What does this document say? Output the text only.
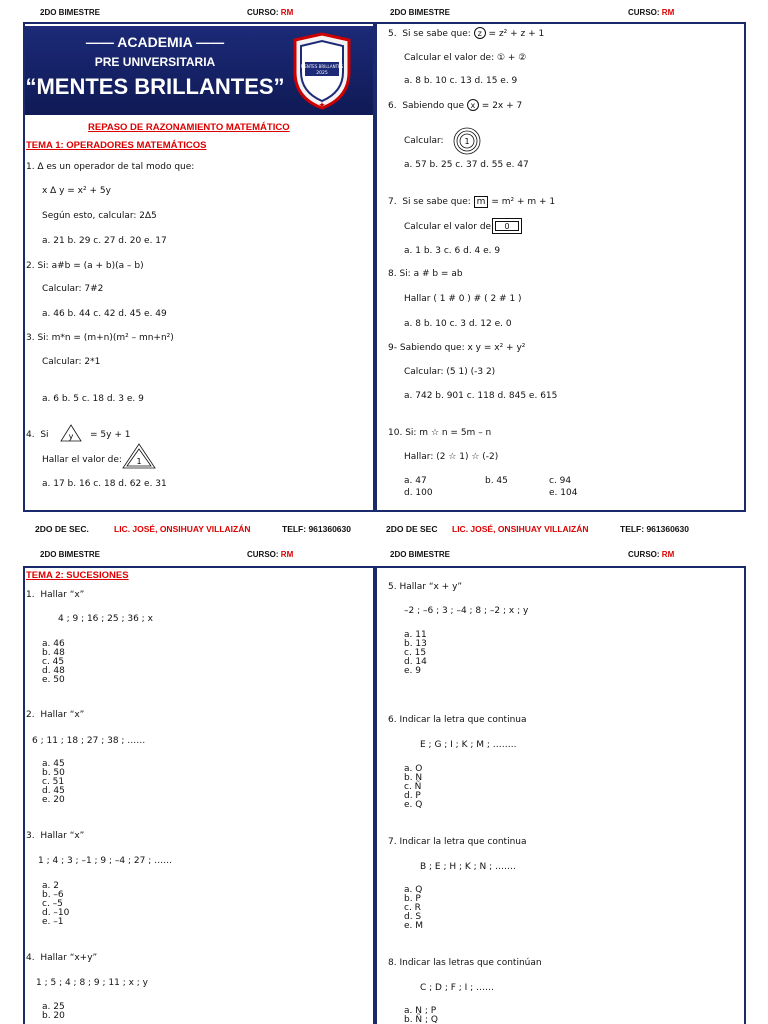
2DO BIMESTRE	CURSO: RM	2DO BIMESTRE	CURSO: RM
—— ACADEMIA ——
PRE UNIVERSITARIA
“MENTES BRILLANTES”
MENTES BRILLANTES
2025
REPASO DE RAZONAMIENTO MATEMÁTICO
TEMA 1: OPERADORES MATEMÁTICOS
1. ∆ es un operador de tal modo que:
x ∆ y = x² + 5y
Según esto, calcular: 2∆5
a. 21 b. 29 c. 27 d. 20 e. 17
2. Si: a#b = (a + b)(a – b)
Calcular: 7#2
a. 46 b. 44 c. 42 d. 45 e. 49
3. Si: m*n = (m+n)(m² – mn+n²)
Calcular: 2*1
a. 6 b. 5 c. 18 d. 3 e. 9
4. Si	y = 5y + 1
Hallar el valor de: 1
a. 17 b. 16 c. 18 d. 62 e. 31
5. Si se sabe que: z = z² + z + 1
Calcular el valor de: ① + ②
a. 8 b. 10 c. 13 d. 15 e. 9
6. Sabiendo que x = 2x + 7
Calcular:	1
a. 57 b. 25 c. 37 d. 55 e. 47
7. Si se sabe que: m = m² + m + 1
Calcular el valor de:	0
a. 1 b. 3 c. 6 d. 4 e. 9
8. Si: a # b = ab
Hallar ( 1 # 0 ) # ( 2 # 1 )
a. 8 b. 10 c. 3 d. 12 e. 0
9- Sabiendo que: x y = x² + y²
Calcular: (5 1) (-3 2)
a. 742 b. 901 c. 118 d. 845 e. 615
10. Si: m ☆ n = 5m – n
Hallar: (2 ☆ 1) ☆ (-2)
a. 47	b. 45	c. 94
d. 100	e. 104
2DO DE SEC.	LIC. JOSÉ, ONSIHUAY VILLAIZÁN	TELF: 961360630	2DO DE SEC LIC. JOSÉ, ONSIHUAY VILLAIZÁN	TELF: 961360630
2DO BIMESTRE	CURSO: RM	2DO BIMESTRE	CURSO: RM
TEMA 2: SUCESIONES
1. Hallar “x”
4 ; 9 ; 16 ; 25 ; 36 ; x
a. 46
b. 48
c. 45
d. 48
e. 50
2. Hallar “x”
6 ; 11 ; 18 ; 27 ; 38 ; ……
a. 45
b. 50
c. 51
d. 45
e. 20
3. Hallar “x”
1 ; 4 ; 3 ; –1 ; 9 ; –4 ; 27 ; ……
a. 2
b. –6
c. –5
d. –10
e. –1
4. Hallar “x+y”
1 ; 5 ; 4 ; 8 ; 9 ; 11 ; x ; y
a. 25
b. 20
5. Hallar “x + y”
–2 ; –6 ; 3 ; –4 ; 8 ; –2 ; x ; y
a. 11
b. 13
c. 15
d. 14
e. 9
6. Indicar la letra que continua
E ; G ; I ; K ; M ; ……..
a. O
b. N
c. Ñ
d. P
e. Q
7. Indicar la letra que continua
B ; E ; H ; K ; N ; …….
a. Q
b. P
c. R
d. S
e. M
8. Indicar las letras que continúan
C ; D ; F ; I ; ……
a. N ; P
b. Ñ ; Q
